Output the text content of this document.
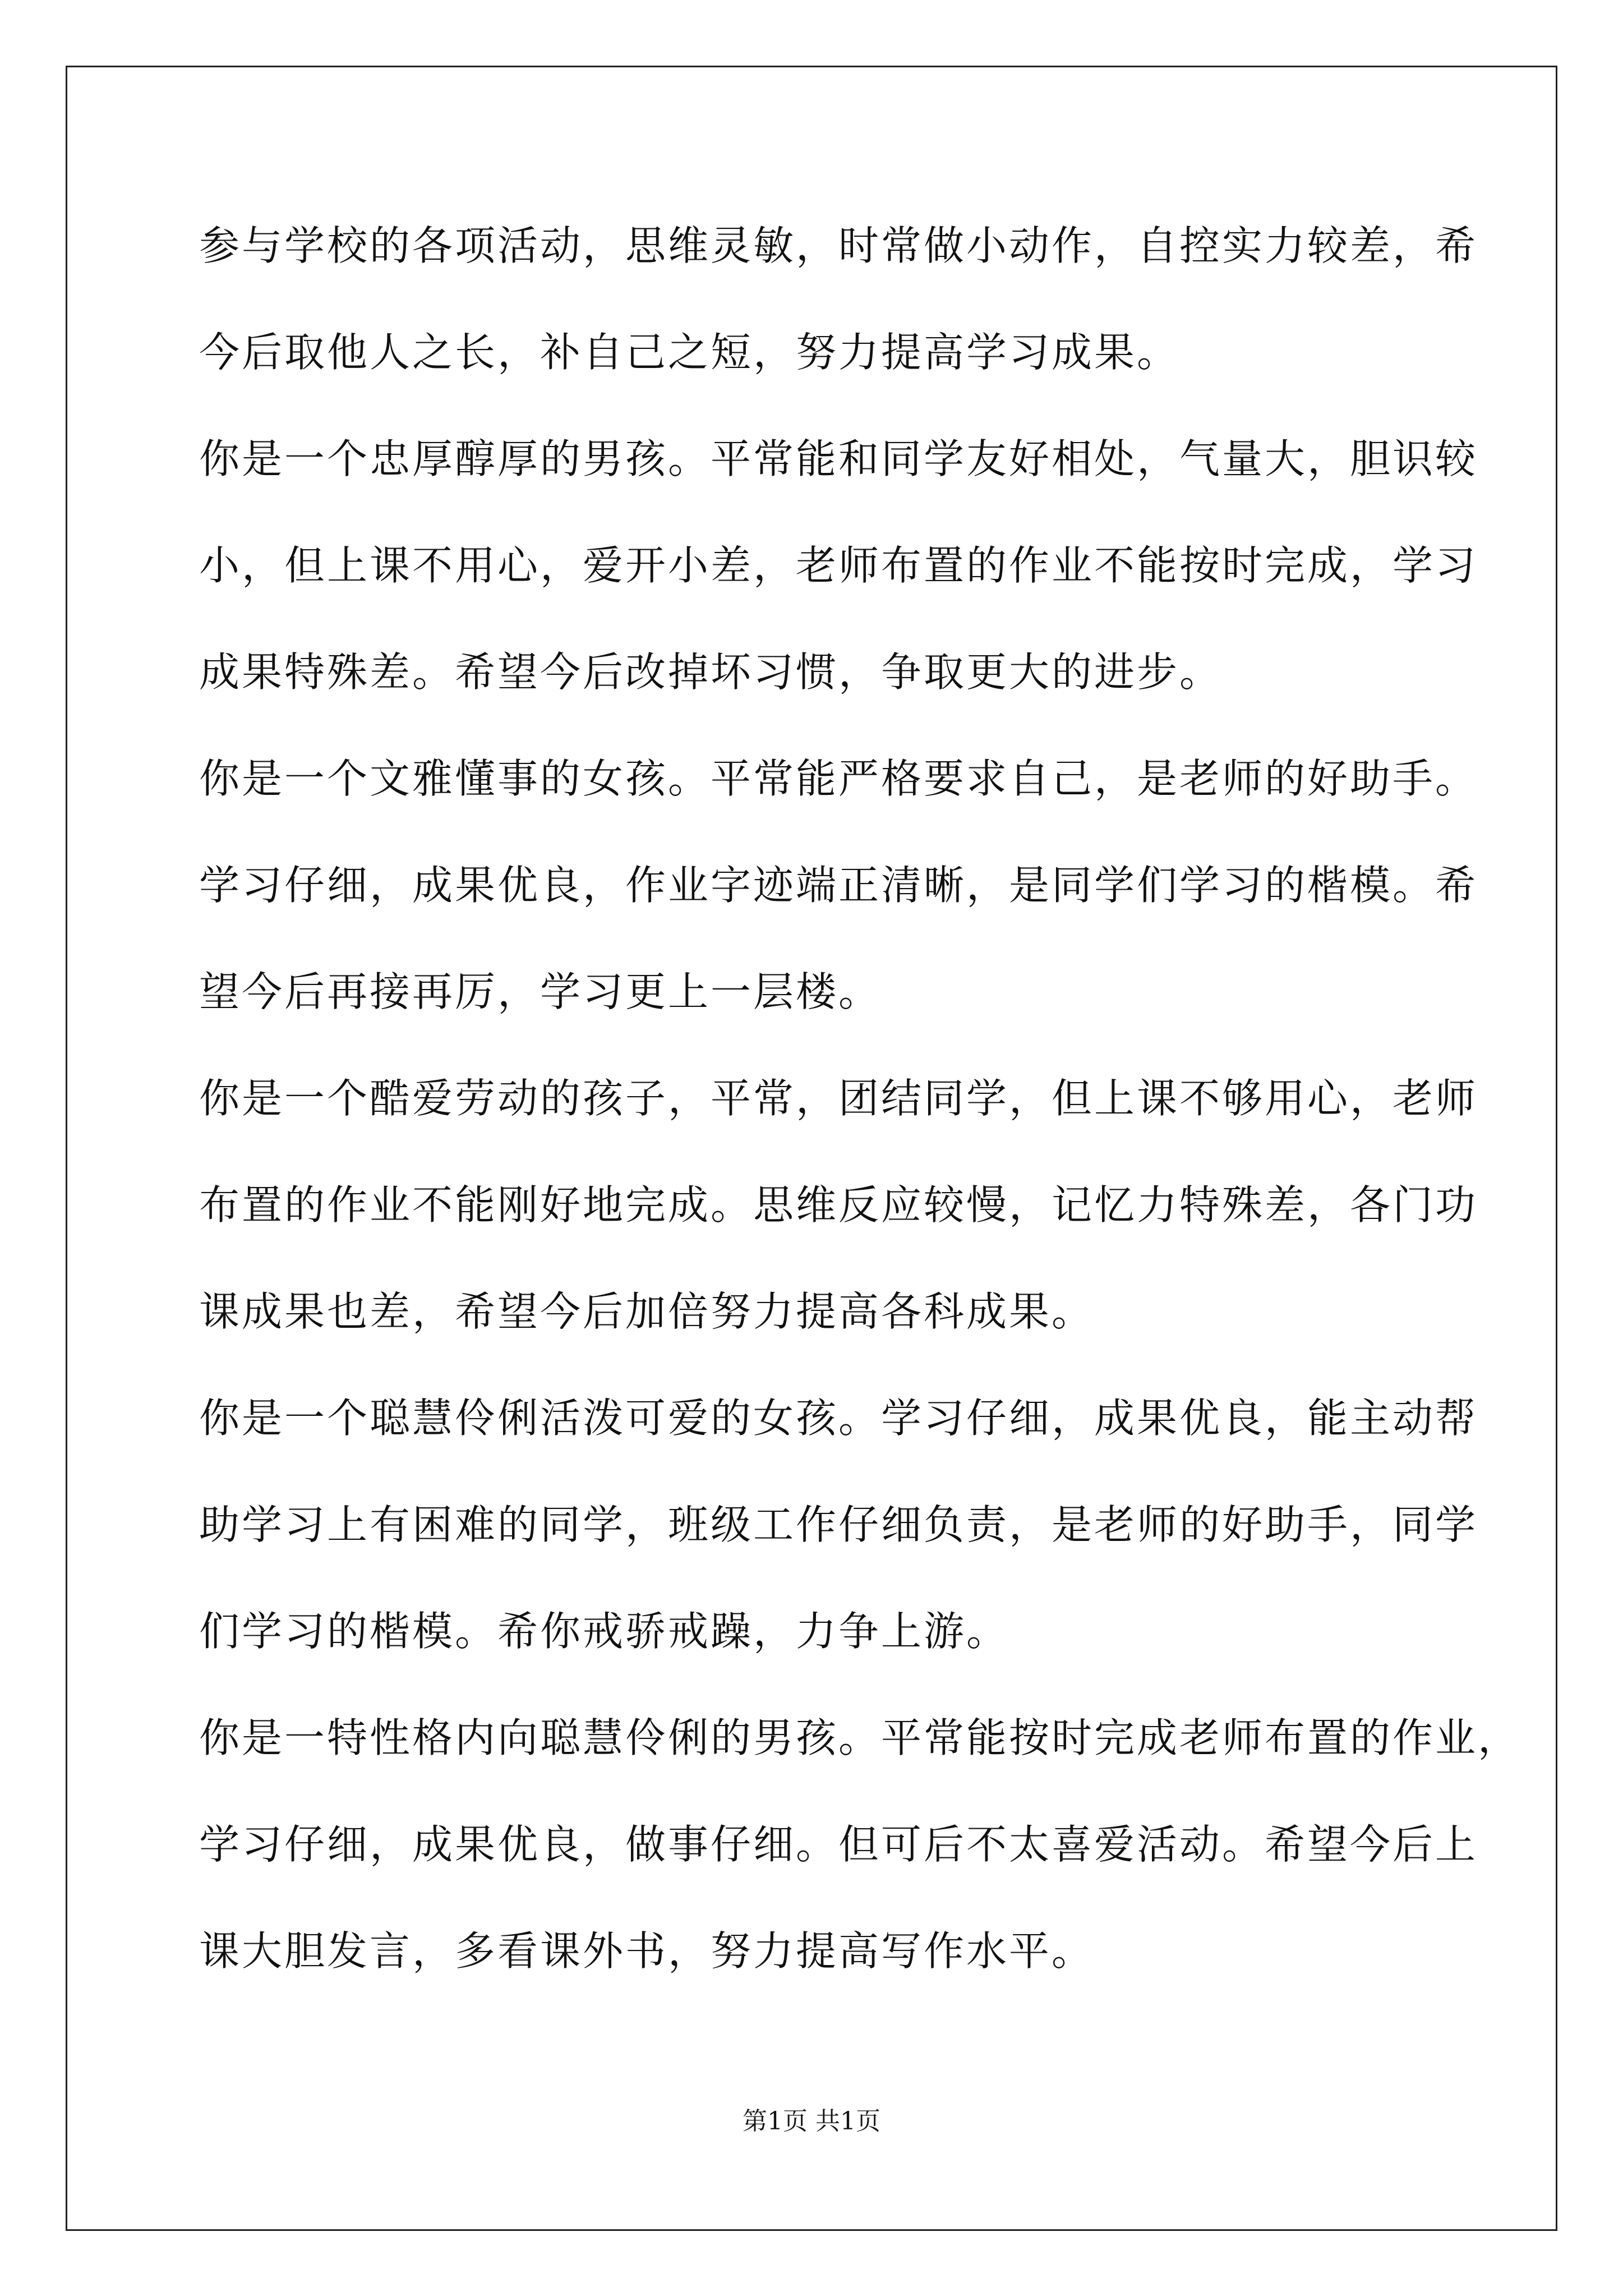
参与学校的各项活动，思维灵敏，时常做小动作，自控实力较差，希
今后取他人之长，补自己之短，努力提高学习成果。
你是一个忠厚醇厚的男孩。平常能和同学友好相处，气量大，胆识较
小，但上课不用心，爱开小差，老师布置的作业不能按时完成，学习
成果特殊差。希望今后改掉坏习惯，争取更大的进步。
你是一个文雅懂事的女孩。平常能严格要求自己，是老师的好助手。
学习仔细，成果优良，作业字迹端正清晰，是同学们学习的楷模。希
望今后再接再厉，学习更上一层楼。
你是一个酷爱劳动的孩子，平常，团结同学，但上课不够用心，老师
布置的作业不能刚好地完成。思维反应较慢，记忆力特殊差，各门功
课成果也差，希望今后加倍努力提高各科成果。
你是一个聪慧伶俐活泼可爱的女孩。学习仔细，成果优良，能主动帮
助学习上有困难的同学，班级工作仔细负责，是老师的好助手，同学
们学习的楷模。希你戒骄戒躁，力争上游。
你是一特性格内向聪慧伶俐的男孩。平常能按时完成老师布置的作业，
学习仔细，成果优良，做事仔细。但可后不太喜爱活动。希望今后上
课大胆发言，多看课外书，努力提高写作水平。
第1页 共1页
